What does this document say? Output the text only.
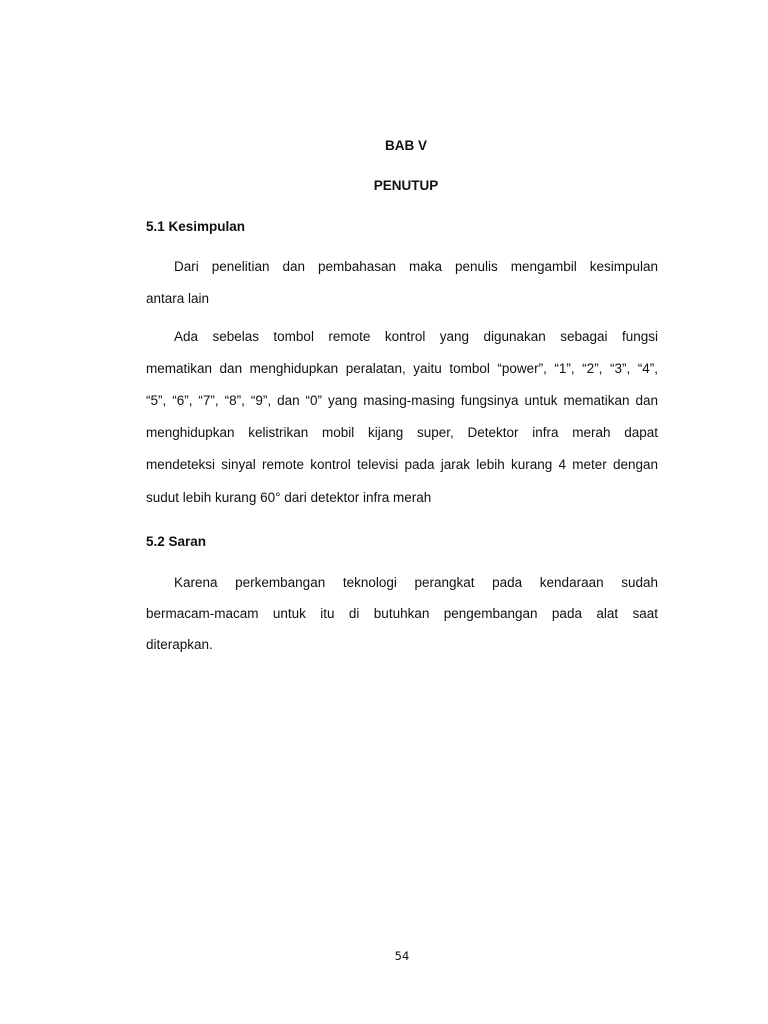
BAB V
PENUTUP
5.1 Kesimpulan
Dari penelitian dan pembahasan maka penulis mengambil kesimpulan
antara lain
Ada sebelas tombol remote kontrol yang digunakan sebagai fungsi
mematikan dan menghidupkan peralatan, yaitu tombol “power”, “1”, “2”, “3”, “4”,
“5”, “6”, “7”, “8”, “9”, dan “0” yang masing-masing fungsinya untuk mematikan dan
menghidupkan kelistrikan mobil kijang super, Detektor infra merah dapat
mendeteksi sinyal remote kontrol televisi pada jarak lebih kurang 4 meter dengan
sudut lebih kurang 60° dari detektor infra merah
5.2 Saran
Karena perkembangan teknologi perangkat pada kendaraan sudah
bermacam-macam untuk itu di butuhkan pengembangan pada alat saat
diterapkan.
54
